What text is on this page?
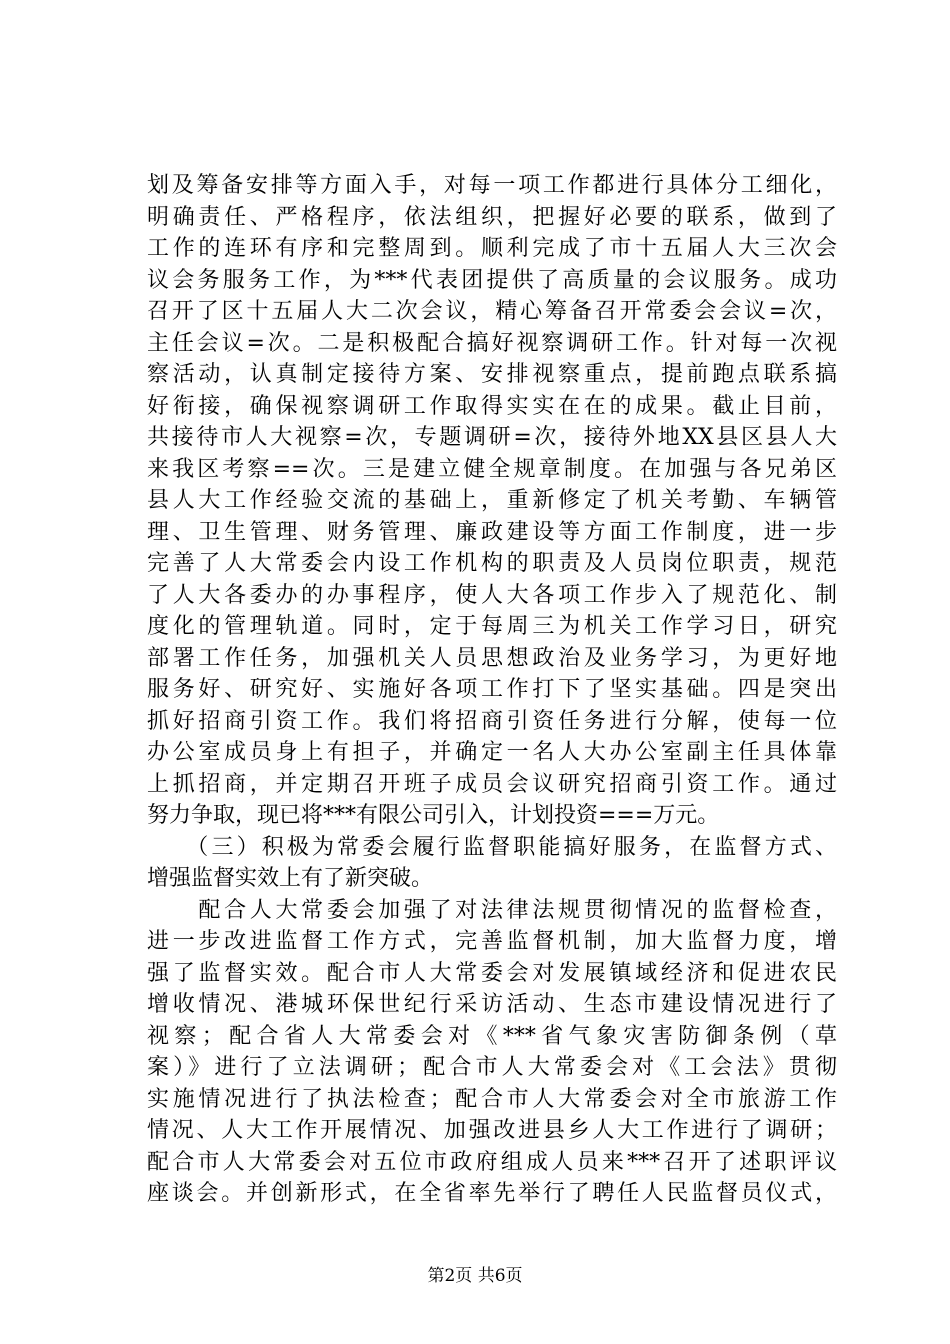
划及筹备安排等方面入手，对每一项工作都进行具体分工细化，
明确责任、严格程序，依法组织，把握好必要的联系，做到了
工作的连环有序和完整周到。顺利完成了市十五届人大三次会
议会务服务工作，为***代表团提供了高质量的会议服务。成功
召开了区十五届人大二次会议，精心筹备召开常委会会议=次，
主任会议=次。二是积极配合搞好视察调研工作。针对每一次视
察活动，认真制定接待方案、安排视察重点，提前跑点联系搞
好衔接，确保视察调研工作取得实实在在的成果。截止目前，
共接待市人大视察=次，专题调研=次，接待外地XX县区县人大
来我区考察==次。三是建立健全规章制度。在加强与各兄弟区
县人大工作经验交流的基础上，重新修定了机关考勤、车辆管
理、卫生管理、财务管理、廉政建设等方面工作制度，进一步
完善了人大常委会内设工作机构的职责及人员岗位职责，规范
了人大各委办的办事程序，使人大各项工作步入了规范化、制
度化的管理轨道。同时，定于每周三为机关工作学习日，研究
部署工作任务，加强机关人员思想政治及业务学习，为更好地
服务好、研究好、实施好各项工作打下了坚实基础。四是突出
抓好招商引资工作。我们将招商引资任务进行分解，使每一位
办公室成员身上有担子，并确定一名人大办公室副主任具体靠
上抓招商，并定期召开班子成员会议研究招商引资工作。通过
努力争取，现已将***有限公司引入，计划投资===万元。
　　（三）积极为常委会履行监督职能搞好服务，在监督方式、
增强监督实效上有了新突破。
　　配合人大常委会加强了对法律法规贯彻情况的监督检查，
进一步改进监督工作方式，完善监督机制，加大监督力度，增
强了监督实效。配合市人大常委会对发展镇域经济和促进农民
增收情况、港城环保世纪行采访活动、生态市建设情况进行了
视察；配合省人大常委会对《***省气象灾害防御条例（草
案）》进行了立法调研；配合市人大常委会对《工会法》贯彻
实施情况进行了执法检查；配合市人大常委会对全市旅游工作
情况、人大工作开展情况、加强改进县乡人大工作进行了调研；
配合市人大常委会对五位市政府组成人员来***召开了述职评议
座谈会。并创新形式，在全省率先举行了聘任人民监督员仪式，
第2页 共6页
